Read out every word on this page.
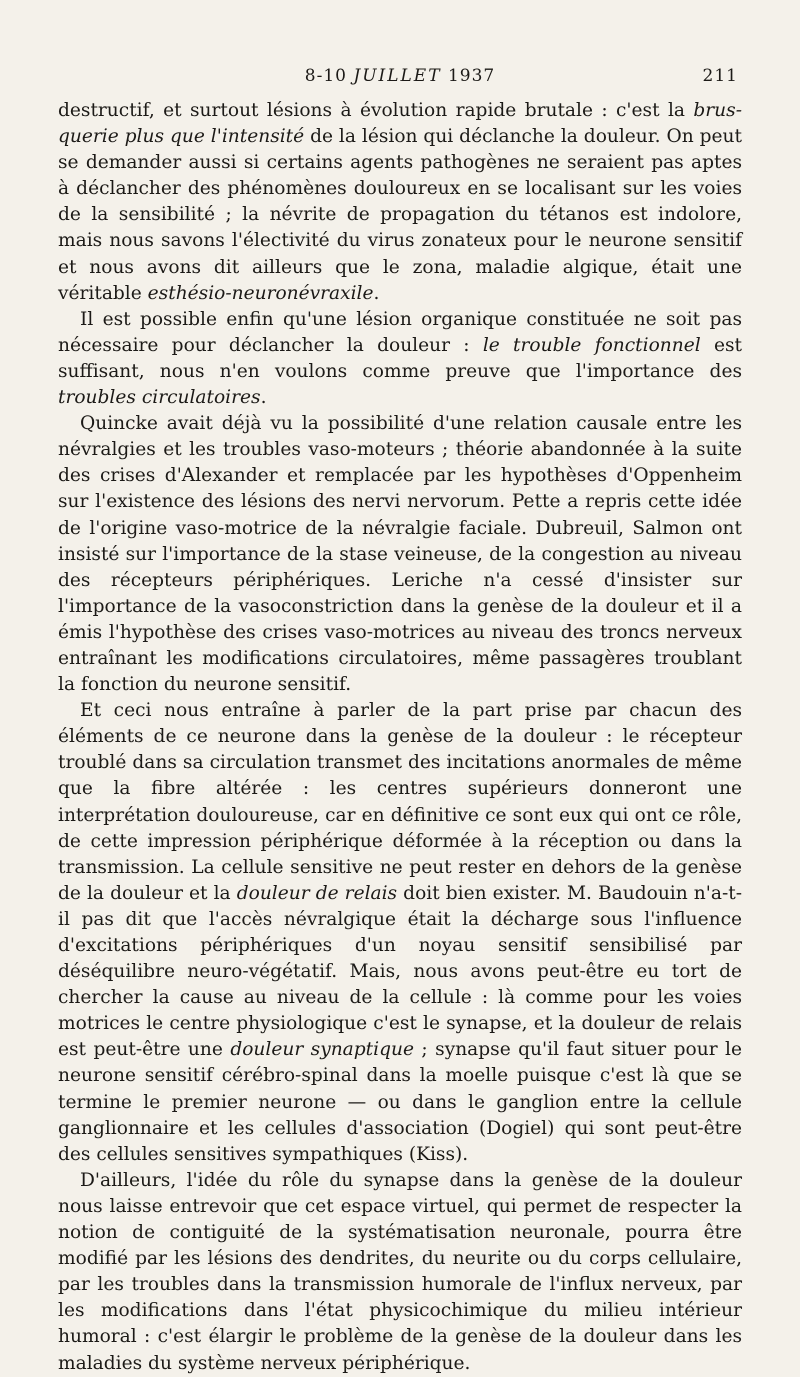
8-10 JUILLET 1937	211

destructif, et surtout lésions à évolution rapide brutale : c'est la brusquerie plus que l'intensité de la lésion qui déclanche la douleur. On peut se demander aussi si certains agents pathogènes ne seraient pas aptes à déclancher des phénomènes douloureux en se localisant sur les voies de la sensibilité ; la névrite de propagation du tétanos est indolore, mais nous savons l'électivité du virus zonateux pour le neurone sensitif et nous avons dit ailleurs que le zona, maladie algique, était une véritable esthésio-neuronévraxile.

Il est possible enfin qu'une lésion organique constituée ne soit pas nécessaire pour déclancher la douleur : le trouble fonctionnel est suffisant, nous n'en voulons comme preuve que l'importance des troubles circulatoires.

Quincke avait déjà vu la possibilité d'une relation causale entre les névralgies et les troubles vaso-moteurs ; théorie abandonnée à la suite des crises d'Alexander et remplacée par les hypothèses d'Oppenheim sur l'existence des lésions des nervi nervorum. Pette a repris cette idée de l'origine vaso-motrice de la névralgie faciale. Dubreuil, Salmon ont insisté sur l'importance de la stase veineuse, de la congestion au niveau des récepteurs périphériques. Leriche n'a cessé d'insister sur l'importance de la vasoconstriction dans la genèse de la douleur et il a émis l'hypothèse des crises vaso-motrices au niveau des troncs nerveux entraînant les modifications circulatoires, même passagères troublant la fonction du neurone sensitif.

Et ceci nous entraîne à parler de la part prise par chacun des éléments de ce neurone dans la genèse de la douleur : le récepteur troublé dans sa circulation transmet des incitations anormales de même que la fibre altérée : les centres supérieurs donneront une interprétation douloureuse, car en définitive ce sont eux qui ont ce rôle, de cette impression périphérique déformée à la réception ou dans la transmission. La cellule sensitive ne peut rester en dehors de la genèse de la douleur et la douleur de relais doit bien exister. M. Baudouin n'a-t-il pas dit que l'accès névralgique était la décharge sous l'influence d'excitations périphériques d'un noyau sensitif sensibilisé par déséquilibre neuro-végétatif. Mais, nous avons peut-être eu tort de chercher la cause au niveau de la cellule : là comme pour les voies motrices le centre physiologique c'est le synapse, et la douleur de relais est peut-être une douleur synaptique ; synapse qu'il faut situer pour le neurone sensitif cérébro-spinal dans la moelle puisque c'est là que se termine le premier neurone — ou dans le ganglion entre la cellule ganglionnaire et les cellules d'association (Dogiel) qui sont peut-être des cellules sensitives sympathiques (Kiss).

D'ailleurs, l'idée du rôle du synapse dans la genèse de la douleur nous laisse entrevoir que cet espace virtuel, qui permet de respecter la notion de contiguité de la systématisation neuronale, pourra être modifié par les lésions des dendrites, du neurite ou du corps cellulaire, par les troubles dans la transmission humorale de l'influx nerveux, par les modifications dans l'état physicochimique du milieu intérieur humoral : c'est élargir le problème de la genèse de la douleur dans les maladies du système nerveux périphérique.
